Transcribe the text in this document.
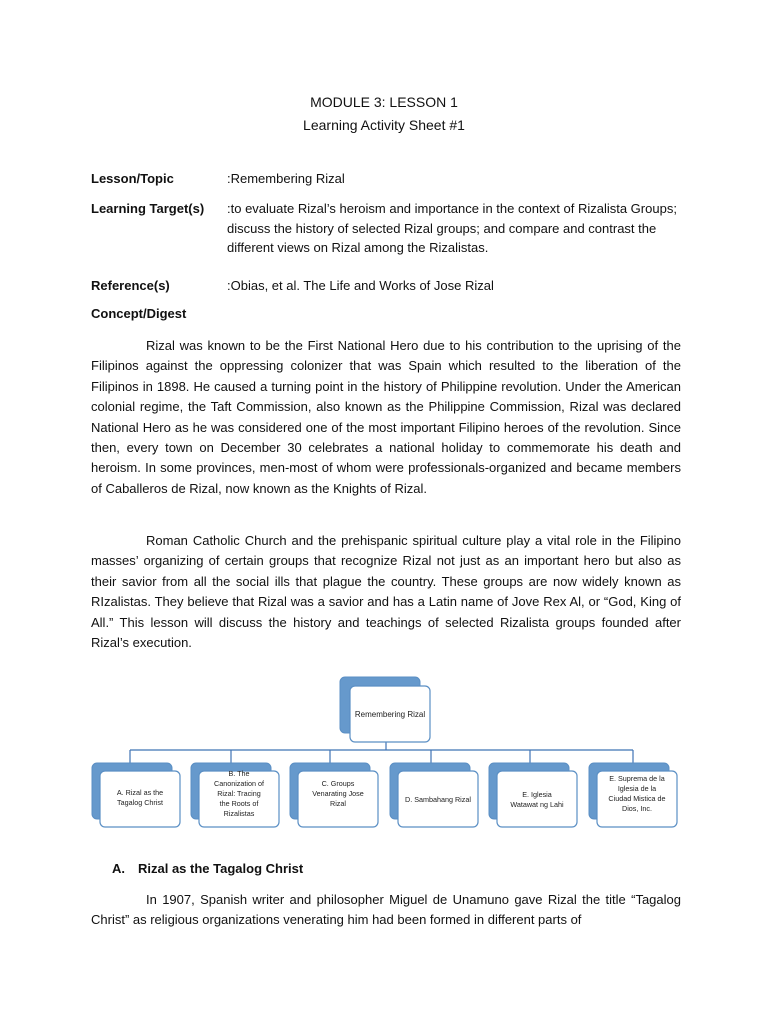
MODULE 3: LESSON 1
Learning Activity Sheet #1
Lesson/Topic	:Remembering Rizal
Learning Target(s) :to evaluate Rizal’s heroism and importance in the context of Rizalista Groups; discuss the history of selected Rizal groups; and compare and contrast the different views on Rizal among the Rizalistas.
Reference(s)	:Obias, et al. The Life and Works of Jose Rizal
Concept/Digest

Rizal was known to be the First National Hero due to his contribution to the uprising of the Filipinos against the oppressing colonizer that was Spain which resulted to the liberation of the Filipinos in 1898. He caused a turning point in the history of Philippine revolution. Under the American colonial regime, the Taft Commission, also known as the Philippine Commission, Rizal was declared National Hero as he was considered one of the most important Filipino heroes of the revolution. Since then, every town on December 30 celebrates a national holiday to commemorate his death and heroism. In some provinces, men-most of whom were professionals-organized and became members of Caballeros de Rizal, now known as the Knights of Rizal.

Roman Catholic Church and the prehispanic spiritual culture play a vital role in the Filipino masses’ organizing of certain groups that recognize Rizal not just as an important hero but also as their savior from all the social ills that plague the country. These groups are now widely known as RIzalistas. They believe that Rizal was a savior and has a Latin name of Jove Rex Al, or “God, King of All.” This lesson will discuss the history and teachings of selected Rizalista groups founded after Rizal’s execution.

Remembering Rizal
A. Rizal as the Tagalog Christ
B. The Canonization of Rizal: Tracing the Roots of Rizalistas
C. Groups Venarating Jose Rizal	D. Sambahang Rizal
E. Iglesia Watawat ng Lahi
E. Suprema de la Iglesia de la Ciudad Mistica de Dios, Inc.
A. Rizal as the Tagalog Christ

In 1907, Spanish writer and philosopher Miguel de Unamuno gave Rizal the title “Tagalog Christ” as religious organizations venerating him had been formed in different parts of
